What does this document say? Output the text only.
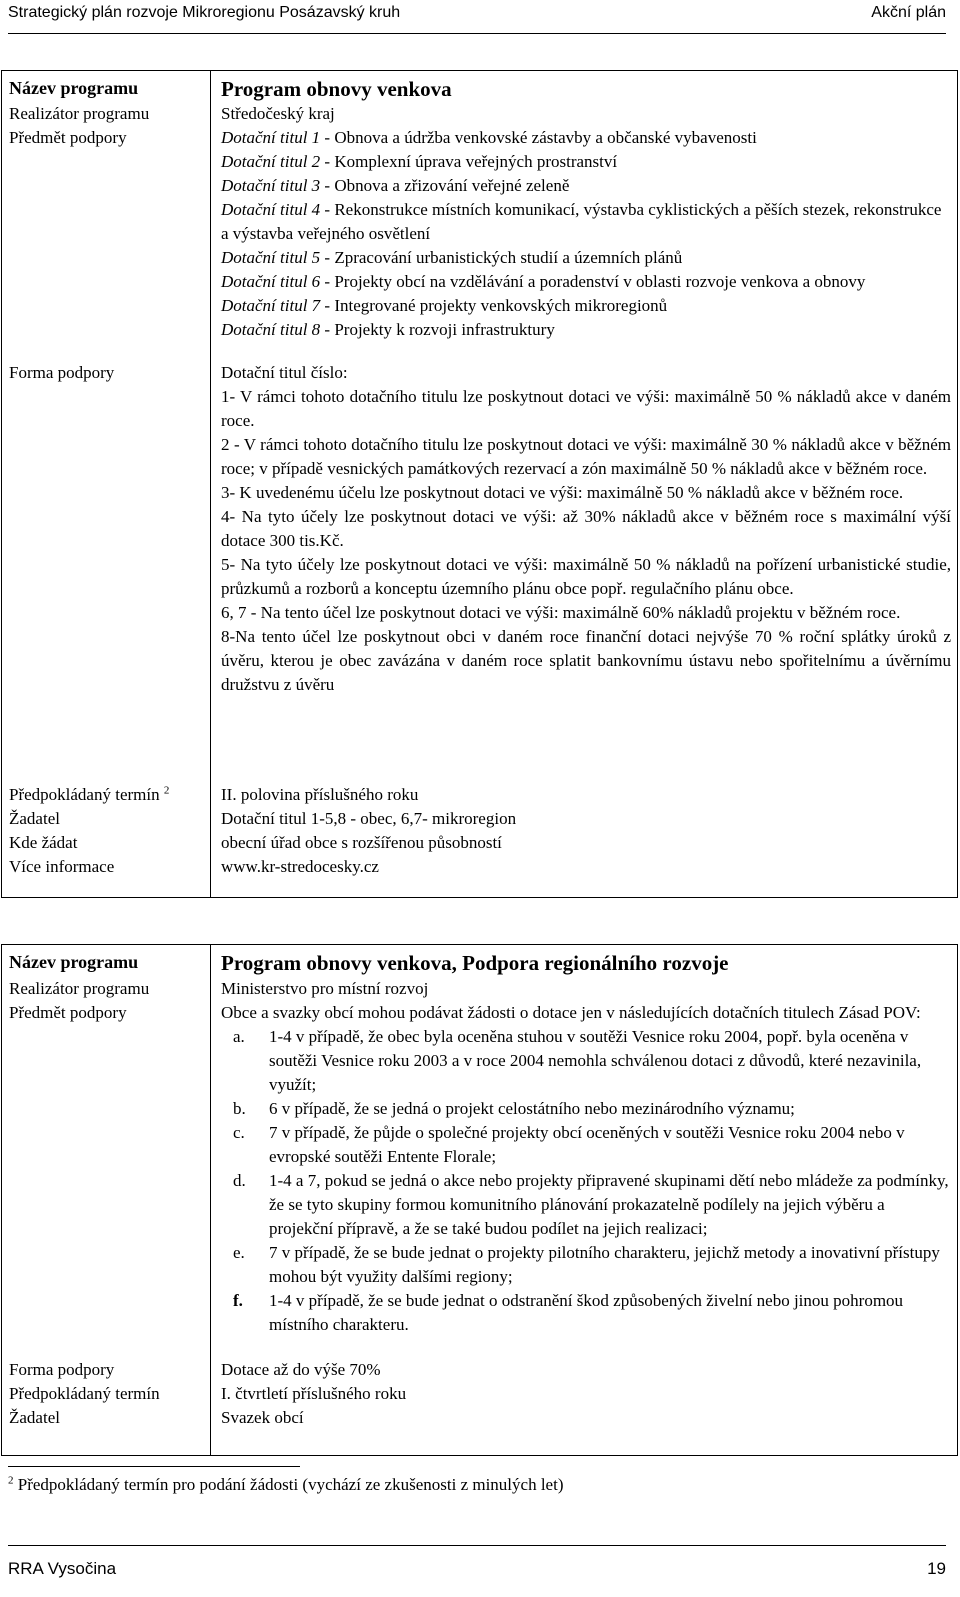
Strategický plán rozvoje Mikroregionu Posázavský kruh	Akční plán
Název programu	Program obnovy venkova
Realizátor programu	Středočeský kraj
Předmět podpory	Dotační titul 1 - Obnova a údržba venkovské zástavby a občanské vybavenosti

Dotační titul 2 - Komplexní úprava veřejných prostranství

Dotační titul 3 - Obnova a zřizování veřejné zeleně

Dotační titul 4 - Rekonstrukce místních komunikací, výstavba cyklistických a pěších stezek, rekonstrukce a výstavba veřejného osvětlení

Dotační titul 5 - Zpracování urbanistických studií a územních plánů

Dotační titul 6 - Projekty obcí na vzdělávání a poradenství v oblasti rozvoje venkova a obnovy

Dotační titul 7 - Integrované projekty venkovských mikroregionů

Dotační titul 8 - Projekty k rozvoji infrastruktury

Forma podpory	Dotační titul číslo:

1- V rámci tohoto dotačního titulu lze poskytnout dotaci ve výši: maximálně 50 % nákladů akce v daném roce.

2 - V rámci tohoto dotačního titulu lze poskytnout dotaci ve výši: maximálně 30 % nákladů akce v běžném roce; v případě vesnických památkových rezervací a zón maximálně 50 % nákladů akce v běžném roce.

3- K uvedenému účelu lze poskytnout dotaci ve výši: maximálně 50 % nákladů akce v běžném roce.

4- Na tyto účely lze poskytnout dotaci ve výši: až 30% nákladů akce v běžném roce s maximální výší dotace 300 tis.Kč.

5- Na tyto účely lze poskytnout dotaci ve výši: maximálně 50 % nákladů na pořízení urbanistické studie, průzkumů a rozborů a konceptu územního plánu obce popř. regulačního plánu obce.

6, 7 - Na tento účel lze poskytnout dotaci ve výši: maximálně 60% nákladů projektu v běžném roce.

8-Na tento účel lze poskytnout obci v daném roce finanční dotaci nejvýše 70 % roční splátky úroků z úvěru, kterou je obec zavázána v daném roce splatit bankovnímu ústavu nebo spořitelnímu a úvěrnímu družstvu z úvěru

Předpokládaný termín $^2$	II. polovina příslušného roku
Žadatel	Dotační titul 1-5,8 - obec, 6,7- mikroregion
Kde žádat	obecní úřad obce s rozšířenou působností
Více informace	www.kr-stredocesky.cz
Název programu	Program obnovy venkova, Podpora regionálního rozvoje
Realizátor programu	Ministerstvo pro místní rozvoj
Předmět podpory	Obce a svazky obcí mohou podávat žádosti o dotace jen v následujících dotačních titulech Zásad POV:

a. 1-4 v případě, že obec byla oceněna stuhou v soutěži Vesnice roku 2004, popř. byla oceněna v soutěži Vesnice roku 2003 a v roce 2004 nemohla schválenou dotaci z důvodů, které nezavinila, využít;
b. 6 v případě, že se jedná o projekt celostátního nebo mezinárodního významu;
c. 7 v případě, že půjde o společné projekty obcí oceněných v soutěži Vesnice roku 2004 nebo v evropské soutěži Entente Florale;
d. 1-4 a 7, pokud se jedná o akce nebo projekty připravené skupinami dětí nebo mládeže za podmínky, že se tyto skupiny formou komunitního plánování prokazatelně podílely na jejich výběru a projekční přípravě, a že se také budou podílet na jejich realizaci;
e. 7 v případě, že se bude jednat o projekty pilotního charakteru, jejichž metody a inovativní přístupy mohou být využity dalšími regiony;
f. 1-4 v případě, že se bude jednat o odstranění škod způsobených živelní nebo jinou pohromou místního charakteru.
Forma podpory	Dotace až do výše 70%
Předpokládaný termín	I. čtvrtletí příslušného roku
Žadatel	Svazek obcí
$^2$ Předpokládaný termín pro podání žádosti (vychází ze zkušenosti z minulých let)
RRA Vysočina	19
